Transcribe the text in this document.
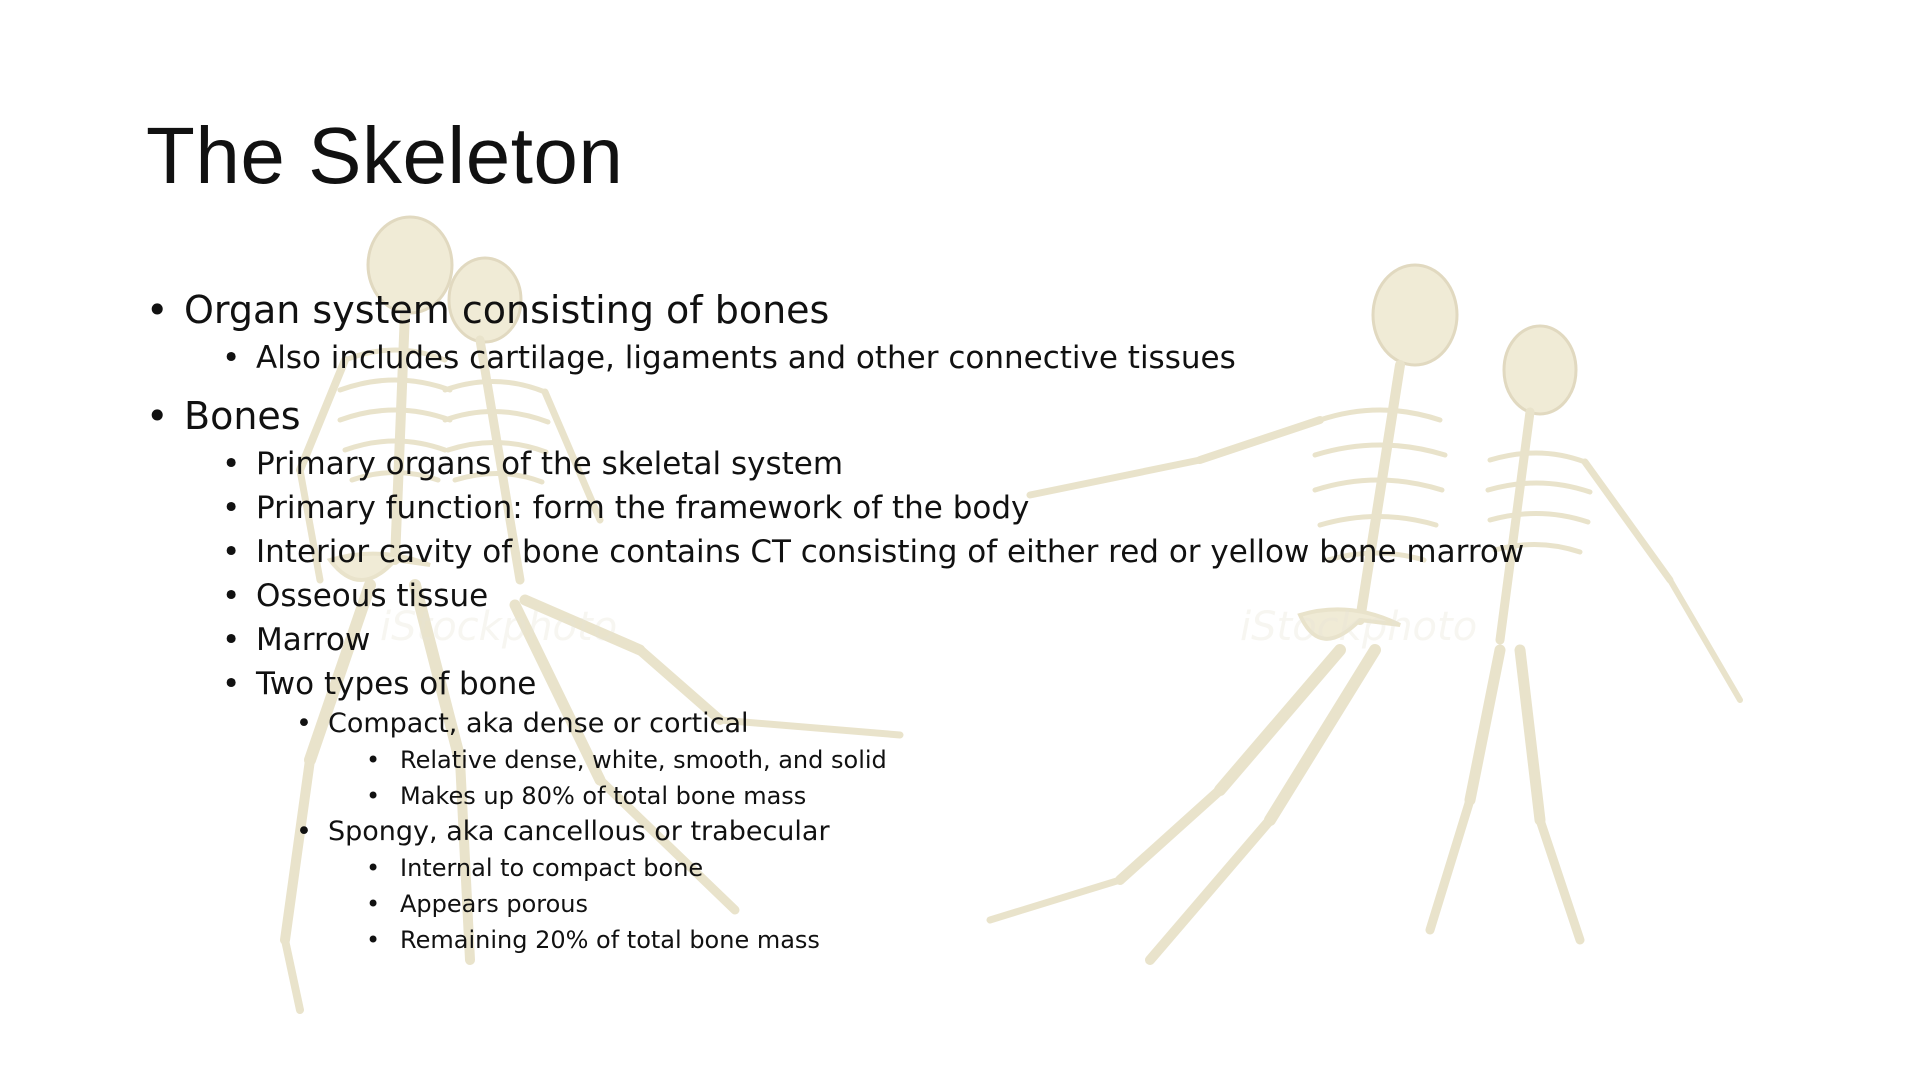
iStockphoto	iStockphoto
The Skeleton
• Organ system consisting of bones
• Also includes cartilage, ligaments and other connective tissues
• Bones
• Primary organs of the skeletal system
• Primary function: form the framework of the body
• Interior cavity of bone contains CT consisting of either red or yellow bone marrow
• Osseous tissue
• Marrow
• Two types of bone
• Compact, aka dense or cortical
• Relative dense, white, smooth, and solid
• Makes up 80% of total bone mass
• Spongy, aka cancellous or trabecular
• Internal to compact bone
• Appears porous
• Remaining 20% of total bone mass
